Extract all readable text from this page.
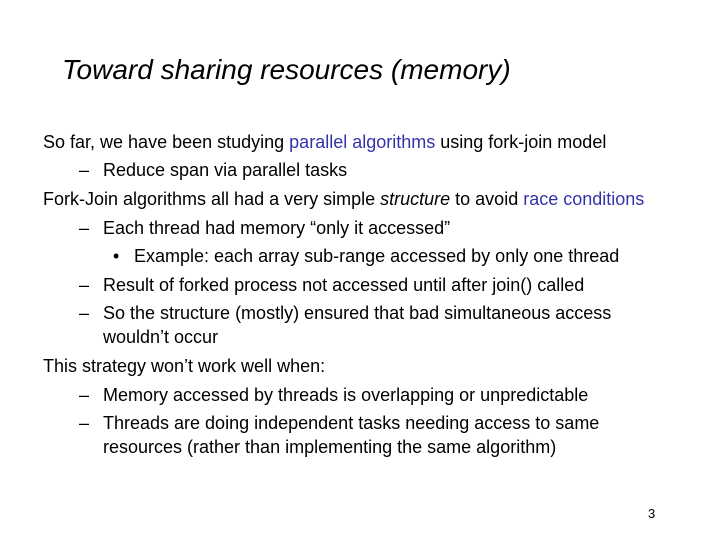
Toward sharing resources (memory)
So far, we have been studying parallel algorithms using fork-join model
– Reduce span via parallel tasks
Fork-Join algorithms all had a very simple structure to avoid race conditions
– Each thread had memory “only it accessed”
• Example: each array sub-range accessed by only one thread
– Result of forked process not accessed until after join() called
– So the structure (mostly) ensured that bad simultaneous access
wouldn’t occur
This strategy won’t work well when:
– Memory accessed by threads is overlapping or unpredictable
– Threads are doing independent tasks needing access to same
resources (rather than implementing the same algorithm)
3
